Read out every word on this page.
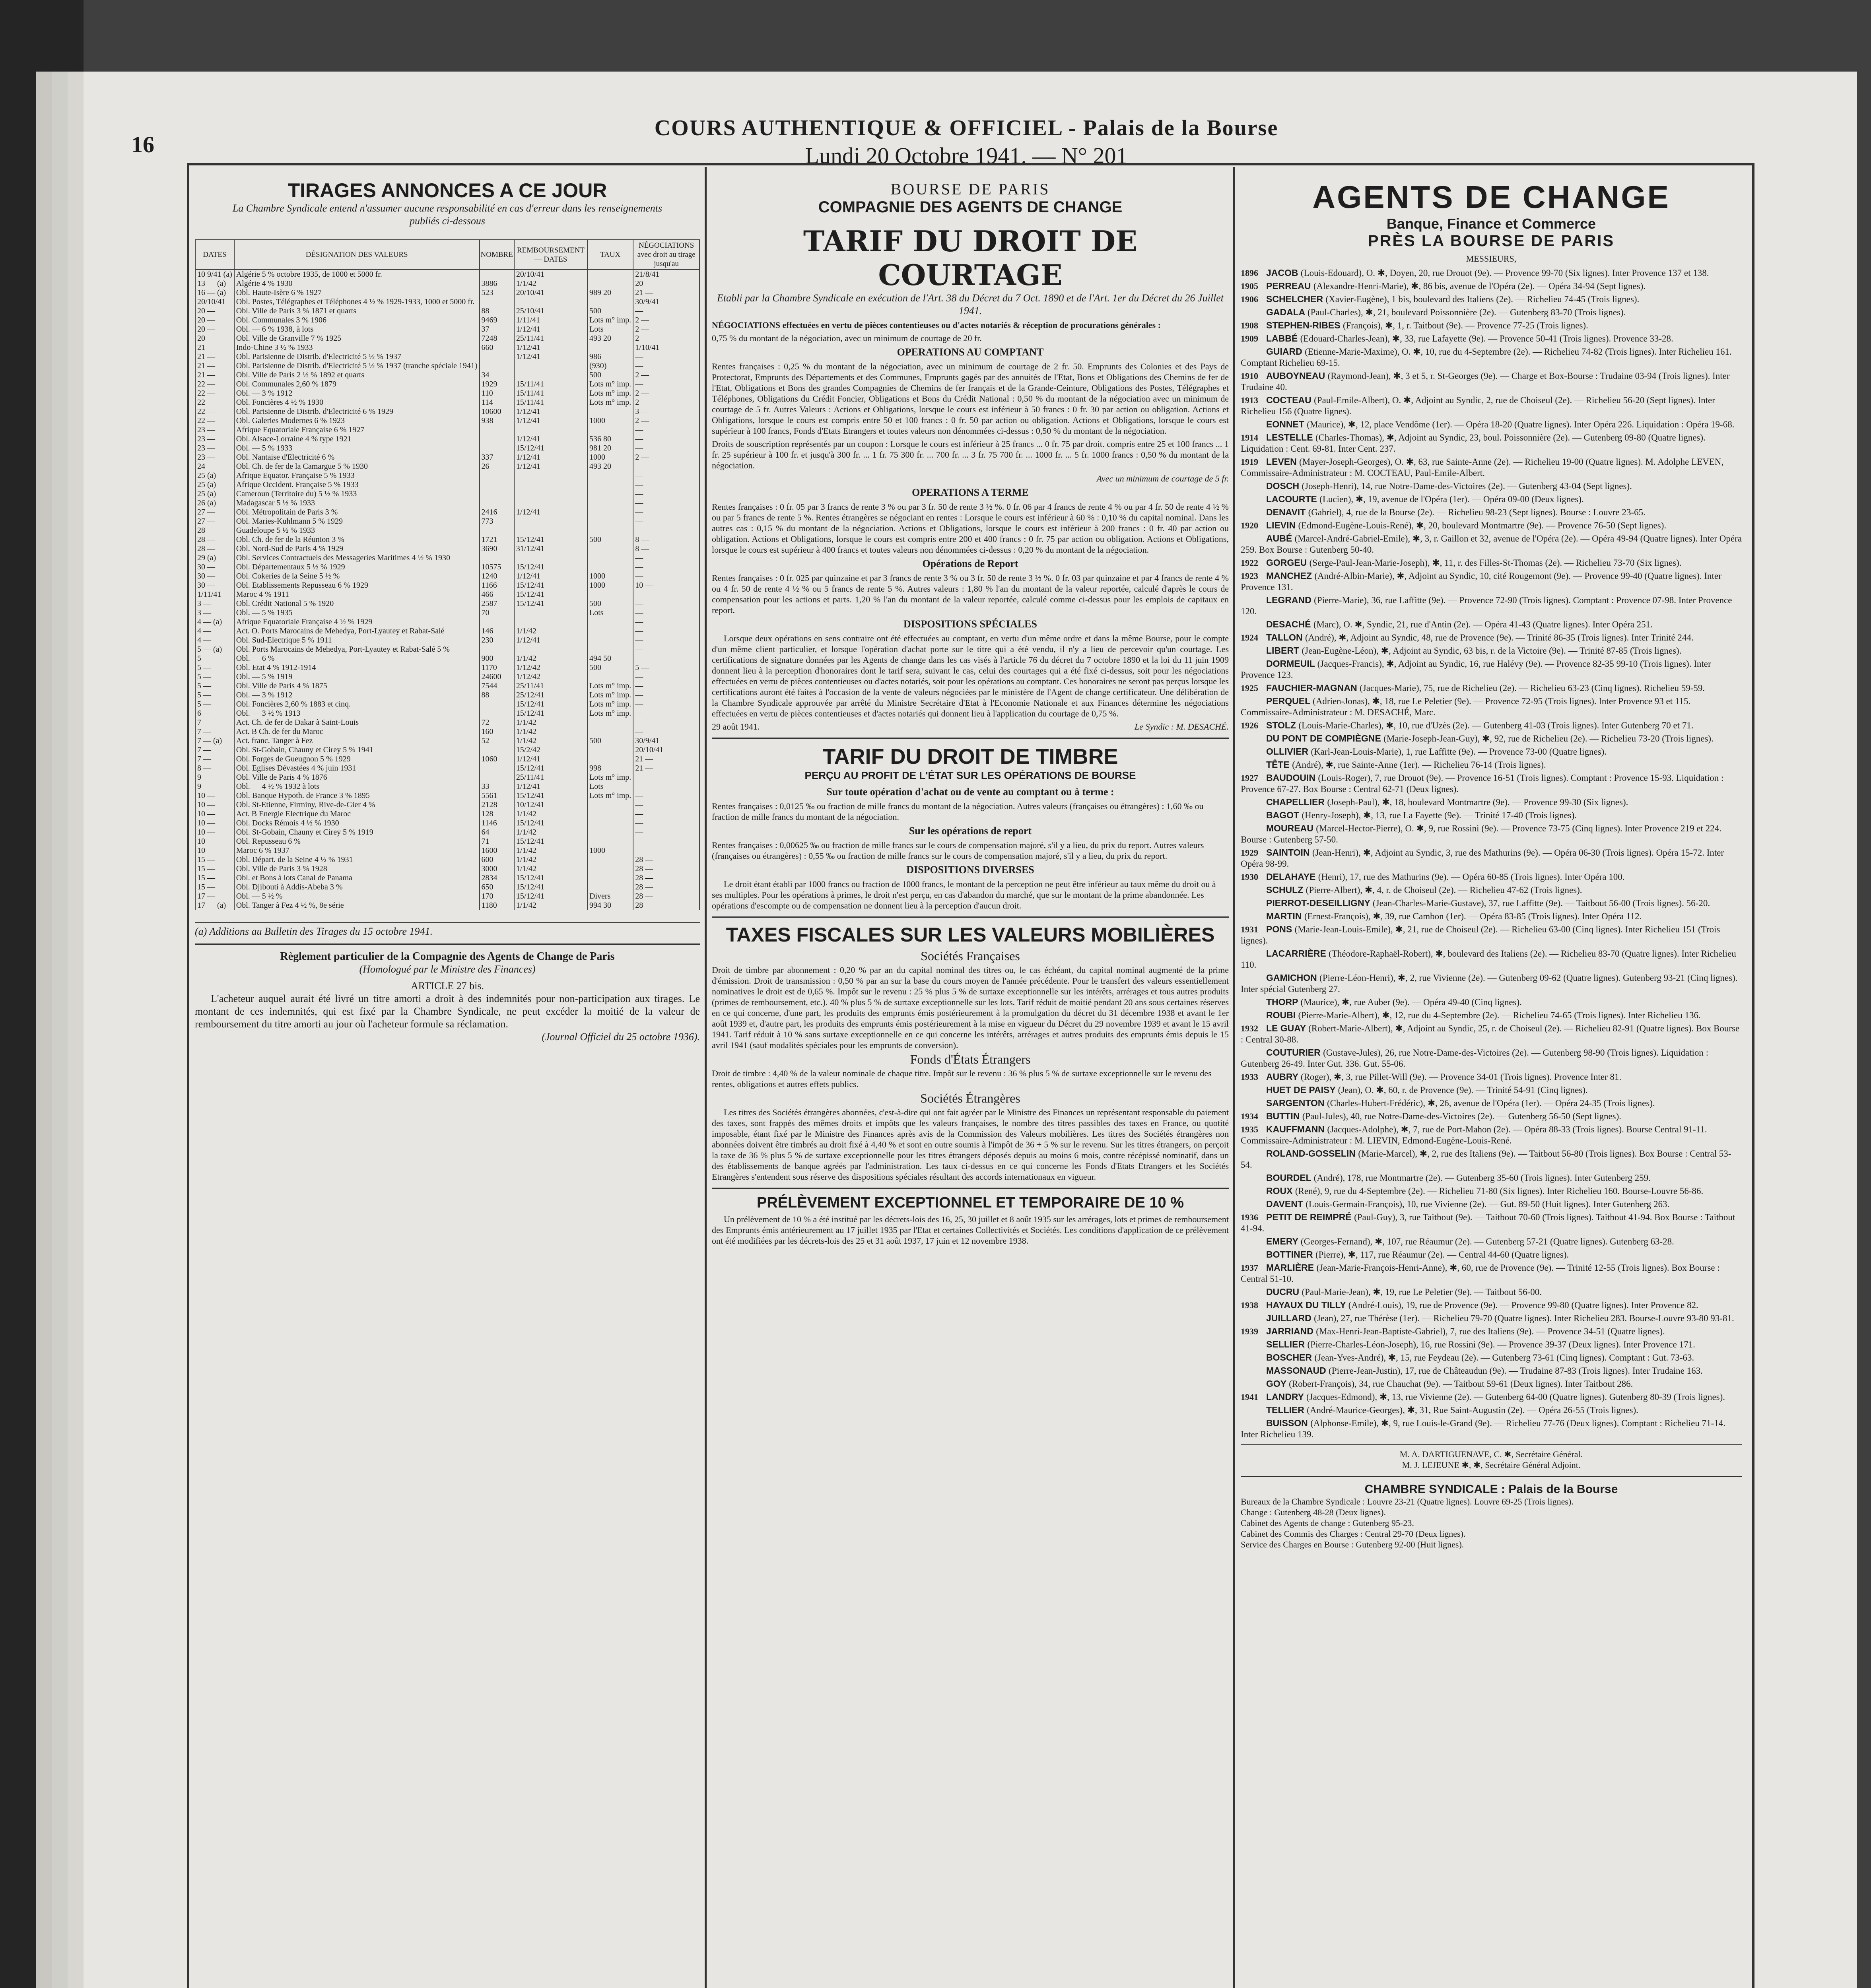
16
COURS AUTHENTIQUE & OFFICIEL - Palais de la Bourse
Lundi 20 Octobre 1941. — N° 201
TIRAGES ANNONCES A CE JOUR
La Chambre Syndicale entend n'assumer aucune responsabilité en cas d'erreur dans les renseignements publiés ci-dessous
DATES	DÉSIGNATION DES VALEURS	NOMBRE	REMBOURSEMENT — DATES	TAUX	NÉGOCIATIONS avec droit au tirage jusqu'au
10 9/41 (a)	Algérie 5 % octobre 1935, de 1000 et 5000 fr.		20/10/41		21/8/41
13 — (a)	Algérie 4 % 1930	3886	1/1/42		20 —
16 — (a)	Obl. Haute-Isère 6 % 1927	523	20/10/41	989 20	21 —
20/10/41	Obl. Postes, Télégraphes et Téléphones 4 ½ % 1929-1933, 1000 et 5000 fr.				30/9/41
20 —	Obl. Ville de Paris 3 % 1871 et quarts	88	25/10/41	500	—
20 —	Obl. Communales 3 % 1906	9469	1/11/41	Lots m° imp.	2 —
20 —	Obl. — 6 % 1938, à lots	37	1/12/41	Lots	2 —
20 —	Obl. Ville de Granville 7 % 1925	7248	25/11/41	493 20	2 —
21 —	Indo-Chine 3 ½ % 1933	660	1/12/41		1/10/41
21 —	Obl. Parisienne de Distrib. d'Electricité 5 ½ % 1937		1/12/41	986	—
21 —	Obl. Parisienne de Distrib. d'Electricité 5 ½ % 1937 (tranche spéciale 1941)			(930)	—
21 —	Obl. Ville de Paris 2 ½ % 1892 et quarts	34		500	2 —
22 —	Obl. Communales 2,60 % 1879	1929	15/11/41	Lots m° imp.	—
22 —	Obl. — 3 % 1912	110	15/11/41	Lots m° imp.	2 —
22 —	Obl. Foncières 4 ½ % 1930	114	15/11/41	Lots m° imp.	2 —
22 —	Obl. Parisienne de Distrib. d'Electricité 6 % 1929	10600	1/12/41		3 —
22 —	Obl. Galeries Modernes 6 % 1923	938	1/12/41	1000	2 —
23 —	Afrique Equatoriale Française 6 % 1927				—
23 —	Obl. Alsace-Lorraine 4 % type 1921		1/12/41	536 80	—
23 —	Obl. — 5 % 1933		15/12/41	981 20	—
23 —	Obl. Nantaise d'Electricité 6 %	337	1/12/41	1000	2 —
24 —	Obl. Ch. de fer de la Camargue 5 % 1930	26	1/12/41	493 20	—
25 (a)	Afrique Equator. Française 5 % 1933				—
25 (a)	Afrique Occident. Française 5 % 1933				—
25 (a)	Cameroun (Territoire du) 5 ½ % 1933				—
26 (a)	Madagascar 5 ½ % 1933				—
27 —	Obl. Métropolitain de Paris 3 %	2416	1/12/41		—
27 —	Obl. Maries-Kuhlmann 5 % 1929	773			—
28 —	Guadeloupe 5 ½ % 1933				—
28 —	Obl. Ch. de fer de la Réunion 3 %	1721	15/12/41	500	8 —
28 —	Obl. Nord-Sud de Paris 4 % 1929	3690	31/12/41		8 —
29 (a)	Obl. Services Contractuels des Messageries Maritimes 4 ½ % 1930				—
30 —	Obl. Départementaux 5 ½ % 1929	10575	15/12/41		—
30 —	Obl. Cokeries de la Seine 5 ½ %	1240	1/12/41	1000	—
30 —	Obl. Etablissements Repusseau 6 % 1929	1166	15/12/41	1000	10 —
1/11/41	Maroc 4 % 1911	466	15/12/41		—
3 —	Obl. Crédit National 5 % 1920	2587	15/12/41	500	—
3 —	Obl. — 5 % 1935	70		Lots	—
4 — (a)	Afrique Equatoriale Française 4 ½ % 1929				—
4 —	Act. O. Ports Marocains de Mehedya, Port-Lyautey et Rabat-Salé	146	1/1/42		—
4 —	Obl. Sud-Electrique 5 % 1911	230	1/12/41		—
5 — (a)	Obl. Ports Marocains de Mehedya, Port-Lyautey et Rabat-Salé 5 %				—
5 —	Obl. — 6 %	900	1/1/42	494 50	—
5 —	Obl. Etat 4 % 1912-1914	1170	1/12/42	500	5 —
5 —	Obl. — 5 % 1919	24600	1/12/42		—
5 —	Obl. Ville de Paris 4 % 1875	7544	25/11/41	Lots m° imp.	—
5 —	Obl. — 3 % 1912	88	25/12/41	Lots m° imp.	—
5 —	Obl. Foncières 2,60 % 1883 et cinq.		15/12/41	Lots m° imp.	—
6 —	Obl. — 3 ½ % 1913		15/12/41	Lots m° imp.	—
7 —	Act. Ch. de fer de Dakar à Saint-Louis	72	1/1/42		—
7 —	Act. B Ch. de fer du Maroc	160	1/1/42		—
7 — (a)	Act. franc. Tanger à Fez	52	1/1/42	500	30/9/41
7 —	Obl. St-Gobain, Chauny et Cirey 5 % 1941		15/2/42		20/10/41
7 —	Obl. Forges de Gueugnon 5 % 1929	1060	1/12/41		21 —
8 —	Obl. Eglises Dévastées 4 % juin 1931		15/12/41	998	21 —
9 —	Obl. Ville de Paris 4 % 1876		25/11/41	Lots m° imp.	—
9 —	Obl. — 4 ½ % 1932 à lots	33	1/12/41	Lots	—
10 —	Obl. Banque Hypoth. de France 3 % 1895	5561	15/12/41	Lots m° imp.	—
10 —	Obl. St-Etienne, Firminy, Rive-de-Gier 4 %	2128	10/12/41		—
10 —	Act. B Energie Electrique du Maroc	128	1/1/42		—
10 —	Obl. Docks Rémois 4 ½ % 1930	1146	15/12/41		—
10 —	Obl. St-Gobain, Chauny et Cirey 5 % 1919	64	1/1/42		—
10 —	Obl. Repusseau 6 %	71	15/12/41		—
10 —	Maroc 6 % 1937	1600	1/1/42	1000	—
15 —	Obl. Départ. de la Seine 4 ½ % 1931	600	1/1/42		28 —
15 —	Obl. Ville de Paris 3 % 1928	3000	1/1/42		28 —
15 —	Obl. et Bons à lots Canal de Panama	2834	15/12/41		28 —
15 —	Obl. Djibouti à Addis-Abeba 3 %	650	15/12/41		28 —
17 —	Obl. — 5 ½ %	170	15/12/41	Divers	28 —
17 — (a)	Obl. Tanger à Fez 4 ½ %, 8e série	1180	1/1/42	994 30	28 —
(a) Additions au Bulletin des Tirages du 15 octobre 1941.
Règlement particulier de la Compagnie des Agents de Change de Paris
(Homologué par le Ministre des Finances)
ARTICLE 27 bis.
L'acheteur auquel aurait été livré un titre amorti a droit à des indemnités pour non-participation aux tirages. Le montant de ces indemnités, qui est fixé par la Chambre Syndicale, ne peut excéder la moitié de la valeur de remboursement du titre amorti au jour où l'acheteur formule sa réclamation.
(Journal Officiel du 25 octobre 1936).
BOURSE DE PARIS
COMPAGNIE DES AGENTS DE CHANGE
TARIF DU DROIT DE COURTAGE
Etabli par la Chambre Syndicale en exécution de l'Art. 38 du Décret du 7 Oct. 1890 et de l'Art. 1er du Décret du 26 Juillet 1941.

NÉGOCIATIONS effectuées en vertu de pièces contentieuses ou d'actes notariés & réception de procurations générales :

0,75 % du montant de la négociation, avec un minimum de courtage de 20 fr.

OPERATIONS AU COMPTANT

Rentes françaises : 0,25 % du montant de la négociation, avec un minimum de courtage de 2 fr. 50. Emprunts des Colonies et des Pays de Protectorat, Emprunts des Départements et des Communes, Emprunts gagés par des annuités de l'Etat, Bons et Obligations des Chemins de fer de l'Etat, Obligations et Bons des grandes Compagnies de Chemins de fer français et de la Grande-Ceinture, Obligations des Postes, Télégraphes et Téléphones, Obligations du Crédit Foncier, Obligations et Bons du Crédit National : 0,50 % du montant de la négociation avec un minimum de courtage de 5 fr. Autres Valeurs : Actions et Obligations, lorsque le cours est inférieur à 50 francs : 0 fr. 30 par action ou obligation. Actions et Obligations, lorsque le cours est compris entre 50 et 100 francs : 0 fr. 50 par action ou obligation. Actions et Obligations, lorsque le cours est supérieur à 100 francs, Fonds d'Etats Etrangers et toutes valeurs non dénommées ci-dessus : 0,50 % du montant de la négociation.

Droits de souscription représentés par un coupon : Lorsque le cours est inférieur à 25 francs ... 0 fr. 75 par droit. compris entre 25 et 100 francs ... 1 fr. 25 supérieur à 100 fr. et jusqu'à 300 fr. ... 1 fr. 75 300 fr. ... 700 fr. ... 3 fr. 75 700 fr. ... 1000 fr. ... 5 fr. 1000 francs : 0,50 % du montant de la négociation.

Avec un minimum de courtage de 5 fr.

OPERATIONS A TERME

Rentes françaises : 0 fr. 05 par 3 francs de rente 3 % ou par 3 fr. 50 de rente 3 ½ %. 0 fr. 06 par 4 francs de rente 4 % ou par 4 fr. 50 de rente 4 ½ % ou par 5 francs de rente 5 %. Rentes étrangères se négociant en rentes : Lorsque le cours est inférieur à 60 % : 0,10 % du capital nominal. Dans les autres cas : 0,15 % du montant de la négociation. Actions et Obligations, lorsque le cours est inférieur à 200 francs : 0 fr. 40 par action ou obligation. Actions et Obligations, lorsque le cours est compris entre 200 et 400 francs : 0 fr. 75 par action ou obligation. Actions et Obligations, lorsque le cours est supérieur à 400 francs et toutes valeurs non dénommées ci-dessus : 0,20 % du montant de la négociation.

Opérations de Report

Rentes françaises : 0 fr. 025 par quinzaine et par 3 francs de rente 3 % ou 3 fr. 50 de rente 3 ½ %. 0 fr. 03 par quinzaine et par 4 francs de rente 4 % ou 4 fr. 50 de rente 4 ½ % ou 5 francs de rente 5 %. Autres valeurs : 1,80 % l'an du montant de la valeur reportée, calculé d'après le cours de compensation pour les actions et parts. 1,20 % l'an du montant de la valeur reportée, calculé comme ci-dessus pour les emplois de capitaux en report.

DISPOSITIONS SPÉCIALES

Lorsque deux opérations en sens contraire ont été effectuées au comptant, en vertu d'un même ordre et dans la même Bourse, pour le compte d'un même client particulier, et lorsque l'opération d'achat porte sur le titre qui a été vendu, il n'y a lieu de percevoir qu'un courtage. Les certifications de signature données par les Agents de change dans les cas visés à l'article 76 du décret du 7 octobre 1890 et la loi du 11 juin 1909 donnent lieu à la perception d'honoraires dont le tarif sera, suivant le cas, celui des courtages qui a été fixé ci-dessus, soit pour les négociations effectuées en vertu de pièces contentieuses ou d'actes notariés, soit pour les opérations au comptant. Ces honoraires ne seront pas perçus lorsque les certifications auront été faites à l'occasion de la vente de valeurs négociées par le ministère de l'Agent de change certificateur. Une délibération de la Chambre Syndicale approuvée par arrêté du Ministre Secrétaire d'Etat à l'Economie Nationale et aux Finances détermine les négociations effectuées en vertu de pièces contentieuses et d'actes notariés qui donnent lieu à l'application du courtage de 0,75 %.

29 août 1941.	Le Syndic : M. DESACHÉ.
TARIF DU DROIT DE TIMBRE
PERÇU AU PROFIT DE L'ÉTAT SUR LES OPÉRATIONS DE BOURSE
Sur toute opération d'achat ou de vente au comptant ou à terme :

Rentes françaises : 0,0125 ‰ ou fraction de mille francs du montant de la négociation. Autres valeurs (françaises ou étrangères) : 1,60 ‰ ou fraction de mille francs du montant de la négociation.

Sur les opérations de report

Rentes françaises : 0,00625 ‰ ou fraction de mille francs sur le cours de compensation majoré, s'il y a lieu, du prix du report. Autres valeurs (françaises ou étrangères) : 0,55 ‰ ou fraction de mille francs sur le cours de compensation majoré, s'il y a lieu, du prix du report.

DISPOSITIONS DIVERSES

Le droit étant établi par 1000 francs ou fraction de 1000 francs, le montant de la perception ne peut être inférieur au taux même du droit ou à ses multiples. Pour les opérations à primes, le droit n'est perçu, en cas d'abandon du marché, que sur le montant de la prime abandonnée. Les opérations d'escompte ou de compensation ne donnent lieu à la perception d'aucun droit.

TAXES FISCALES SUR LES VALEURS MOBILIÈRES
Sociétés Françaises

Droit de timbre par abonnement : 0,20 % par an du capital nominal des titres ou, le cas échéant, du capital nominal augmenté de la prime d'émission. Droit de transmission : 0,50 % par an sur la base du cours moyen de l'année précédente. Pour le transfert des valeurs essentiellement nominatives le droit est de 0,65 %. Impôt sur le revenu : 25 % plus 5 % de surtaxe exceptionnelle sur les intérêts, arrérages et tous autres produits (primes de remboursement, etc.). 40 % plus 5 % de surtaxe exceptionnelle sur les lots. Tarif réduit de moitié pendant 20 ans sous certaines réserves en ce qui concerne, d'une part, les produits des emprunts émis postérieurement à la promulgation du décret du 31 décembre 1938 et avant le 1er août 1939 et, d'autre part, les produits des emprunts émis postérieurement à la mise en vigueur du Décret du 29 novembre 1939 et avant le 15 avril 1941. Tarif réduit à 10 % sans surtaxe exceptionnelle en ce qui concerne les intérêts, arrérages et autres produits des emprunts émis depuis le 15 avril 1941 (sauf modalités spéciales pour les emprunts de conversion).

Fonds d'États Étrangers

Droit de timbre : 4,40 % de la valeur nominale de chaque titre. Impôt sur le revenu : 36 % plus 5 % de surtaxe exceptionnelle sur le revenu des rentes, obligations et autres effets publics.

Sociétés Étrangères

Les titres des Sociétés étrangères abonnées, c'est-à-dire qui ont fait agréer par le Ministre des Finances un représentant responsable du paiement des taxes, sont frappés des mêmes droits et impôts que les valeurs françaises, le nombre des titres passibles des taxes en France, ou quotité imposable, étant fixé par le Ministre des Finances après avis de la Commission des Valeurs mobilières. Les titres des Sociétés étrangères non abonnées doivent être timbrés au droit fixé à 4,40 % et sont en outre soumis à l'impôt de 36 + 5 % sur le revenu. Sur les titres étrangers, on perçoit la taxe de 36 % plus 5 % de surtaxe exceptionnelle pour les titres étrangers déposés depuis au moins 6 mois, contre récépissé nominatif, dans un des établissements de banque agréés par l'administration. Les taux ci-dessus en ce qui concerne les Fonds d'Etats Etrangers et les Sociétés Etrangères s'entendent sous réserve des dispositions spéciales résultant des accords internationaux en vigueur.

PRÉLÈVEMENT EXCEPTIONNEL ET TEMPORAIRE DE 10 %

Un prélèvement de 10 % a été institué par les décrets-lois des 16, 25, 30 juillet et 8 août 1935 sur les arrérages, lots et primes de remboursement des Emprunts émis antérieurement au 17 juillet 1935 par l'Etat et certaines Collectivités et Sociétés. Les conditions d'application de ce prélèvement ont été modifiées par les décrets-lois des 25 et 31 août 1937, 17 juin et 12 novembre 1938.

AGENTS DE CHANGE
Banque, Finance et Commerce
PRÈS LA BOURSE DE PARIS
MESSIEURS,
1896 JACOB (Louis-Edouard), O. ✱, Doyen, 20, rue Drouot (9e). — Provence 99-70 (Six lignes). Inter Provence 137 et 138.
1905 PERREAU (Alexandre-Henri-Marie), ✱, 86 bis, avenue de l'Opéra (2e). — Opéra 34-94 (Sept lignes).
1906 SCHELCHER (Xavier-Eugène), 1 bis, boulevard des Italiens (2e). — Richelieu 74-45 (Trois lignes).
GADALA (Paul-Charles), ✱, 21, boulevard Poissonnière (2e). — Gutenberg 83-70 (Trois lignes).
1908 STEPHEN-RIBES (François), ✱, 1, r. Taitbout (9e). — Provence 77-25 (Trois lignes).
1909 LABBÉ (Edouard-Charles-Jean), ✱, 33, rue Lafayette (9e). — Provence 50-41 (Trois lignes). Provence 33-28.
GUIARD (Etienne-Marie-Maxime), O. ✱, 10, rue du 4-Septembre (2e). — Richelieu 74-82 (Trois lignes). Inter Richelieu 161. Comptant Richelieu 69-15.
1910 AUBOYNEAU (Raymond-Jean), ✱, 3 et 5, r. St-Georges (9e). — Charge et Box-Bourse : Trudaine 03-94 (Trois lignes). Inter Trudaine 40.
1913 COCTEAU (Paul-Emile-Albert), O. ✱, Adjoint au Syndic, 2, rue de Choiseul (2e). — Richelieu 56-20 (Sept lignes). Inter Richelieu 156 (Quatre lignes).
EONNET (Maurice), ✱, 12, place Vendôme (1er). — Opéra 18-20 (Quatre lignes). Inter Opéra 226. Liquidation : Opéra 19-68.
1914 LESTELLE (Charles-Thomas), ✱, Adjoint au Syndic, 23, boul. Poissonnière (2e). — Gutenberg 09-80 (Quatre lignes). Liquidation : Cent. 69-81. Inter Cent. 237.
1919 LEVEN (Mayer-Joseph-Georges), O. ✱, 63, rue Sainte-Anne (2e). — Richelieu 19-00 (Quatre lignes). M. Adolphe LEVEN, Commissaire-Administrateur : M. COCTEAU, Paul-Emile-Albert.
DOSCH (Joseph-Henri), 14, rue Notre-Dame-des-Victoires (2e). — Gutenberg 43-04 (Sept lignes).
LACOURTE (Lucien), ✱, 19, avenue de l'Opéra (1er). — Opéra 09-00 (Deux lignes).
DENAVIT (Gabriel), 4, rue de la Bourse (2e). — Richelieu 98-23 (Sept lignes). Bourse : Louvre 23-65.
1920 LIEVIN (Edmond-Eugène-Louis-René), ✱, 20, boulevard Montmartre (9e). — Provence 76-50 (Sept lignes).
AUBÉ (Marcel-André-Gabriel-Emile), ✱, 3, r. Gaillon et 32, avenue de l'Opéra (2e). — Opéra 49-94 (Quatre lignes). Inter Opéra 259. Box Bourse : Gutenberg 50-40.
1922 GORGEU (Serge-Paul-Jean-Marie-Joseph), ✱, 11, r. des Filles-St-Thomas (2e). — Richelieu 73-70 (Six lignes).
1923 MANCHEZ (André-Albin-Marie), ✱, Adjoint au Syndic, 10, cité Rougemont (9e). — Provence 99-40 (Quatre lignes). Inter Provence 131.
LEGRAND (Pierre-Marie), 36, rue Laffitte (9e). — Provence 72-90 (Trois lignes). Comptant : Provence 07-98. Inter Provence 120.
DESACHÉ (Marc), O. ✱, Syndic, 21, rue d'Antin (2e). — Opéra 41-43 (Quatre lignes). Inter Opéra 251.
1924 TALLON (André), ✱, Adjoint au Syndic, 48, rue de Provence (9e). — Trinité 86-35 (Trois lignes). Inter Trinité 244.
LIBERT (Jean-Eugène-Léon), ✱, Adjoint au Syndic, 63 bis, r. de la Victoire (9e). — Trinité 87-85 (Trois lignes).
DORMEUIL (Jacques-Francis), ✱, Adjoint au Syndic, 16, rue Halévy (9e). — Provence 82-35 99-10 (Trois lignes). Inter Provence 123.
1925 FAUCHIER-MAGNAN (Jacques-Marie), 75, rue de Richelieu (2e). — Richelieu 63-23 (Cinq lignes). Richelieu 59-59.
PERQUEL (Adrien-Jonas), ✱, 18, rue Le Peletier (9e). — Provence 72-95 (Trois lignes). Inter Provence 93 et 115. Commissaire-Administrateur : M. DESACHÉ, Marc.
1926 STOLZ (Louis-Marie-Charles), ✱, 10, rue d'Uzès (2e). — Gutenberg 41-03 (Trois lignes). Inter Gutenberg 70 et 71.
DU PONT DE COMPIÈGNE (Marie-Joseph-Jean-Guy), ✱, 92, rue de Richelieu (2e). — Richelieu 73-20 (Trois lignes).
OLLIVIER (Karl-Jean-Louis-Marie), 1, rue Laffitte (9e). — Provence 73-00 (Quatre lignes).
TÊTE (André), ✱, rue Sainte-Anne (1er). — Richelieu 76-14 (Trois lignes).
1927 BAUDOUIN (Louis-Roger), 7, rue Drouot (9e). — Provence 16-51 (Trois lignes). Comptant : Provence 15-93. Liquidation : Provence 67-27. Box Bourse : Central 62-71 (Deux lignes).
CHAPELLIER (Joseph-Paul), ✱, 18, boulevard Montmartre (9e). — Provence 99-30 (Six lignes).
BAGOT (Henry-Joseph), ✱, 13, rue La Fayette (9e). — Trinité 17-40 (Trois lignes).
MOUREAU (Marcel-Hector-Pierre), O. ✱, 9, rue Rossini (9e). — Provence 73-75 (Cinq lignes). Inter Provence 219 et 224. Bourse : Gutenberg 57-50.
1929 SAINTOIN (Jean-Henri), ✱, Adjoint au Syndic, 3, rue des Mathurins (9e). — Opéra 06-30 (Trois lignes). Opéra 15-72. Inter Opéra 98-99.
1930 DELAHAYE (Henri), 17, rue des Mathurins (9e). — Opéra 60-85 (Trois lignes). Inter Opéra 100.
SCHULZ (Pierre-Albert), ✱, 4, r. de Choiseul (2e). — Richelieu 47-62 (Trois lignes).
PIERROT-DESEILLIGNY (Jean-Charles-Marie-Gustave), 37, rue Laffitte (9e). — Taitbout 56-00 (Trois lignes). 56-20.
MARTIN (Ernest-François), ✱, 39, rue Cambon (1er). — Opéra 83-85 (Trois lignes). Inter Opéra 112.
1931 PONS (Marie-Jean-Louis-Emile), ✱, 21, rue de Choiseul (2e). — Richelieu 63-00 (Cinq lignes). Inter Richelieu 151 (Trois lignes).
LACARRIÈRE (Théodore-Raphaël-Robert), ✱, boulevard des Italiens (2e). — Richelieu 83-70 (Quatre lignes). Inter Richelieu 110.
GAMICHON (Pierre-Léon-Henri), ✱, 2, rue Vivienne (2e). — Gutenberg 09-62 (Quatre lignes). Gutenberg 93-21 (Cinq lignes). Inter spécial Gutenberg 27.
THORP (Maurice), ✱, rue Auber (9e). — Opéra 49-40 (Cinq lignes).
ROUBI (Pierre-Marie-Albert), ✱, 12, rue du 4-Septembre (2e). — Richelieu 74-65 (Trois lignes). Inter Richelieu 136.
1932 LE GUAY (Robert-Marie-Albert), ✱, Adjoint au Syndic, 25, r. de Choiseul (2e). — Richelieu 82-91 (Quatre lignes). Box Bourse : Central 30-88.
COUTURIER (Gustave-Jules), 26, rue Notre-Dame-des-Victoires (2e). — Gutenberg 98-90 (Trois lignes). Liquidation : Gutenberg 26-49. Inter Gut. 336. Gut. 55-06.
1933 AUBRY (Roger), ✱, 3, rue Pillet-Will (9e). — Provence 34-01 (Trois lignes). Provence Inter 81.
HUET DE PAISY (Jean), O. ✱, 60, r. de Provence (9e). — Trinité 54-91 (Cinq lignes).
SARGENTON (Charles-Hubert-Frédéric), ✱, 26, avenue de l'Opéra (1er). — Opéra 24-35 (Trois lignes).
1934 BUTTIN (Paul-Jules), 40, rue Notre-Dame-des-Victoires (2e). — Gutenberg 56-50 (Sept lignes).
1935 KAUFFMANN (Jacques-Adolphe), ✱, 7, rue de Port-Mahon (2e). — Opéra 88-33 (Trois lignes). Bourse Central 91-11. Commissaire-Administrateur : M. LIEVIN, Edmond-Eugène-Louis-René.
ROLAND-GOSSELIN (Marie-Marcel), ✱, 2, rue des Italiens (9e). — Taitbout 56-80 (Trois lignes). Box Bourse : Central 53-54.
BOURDEL (André), 178, rue Montmartre (2e). — Gutenberg 35-60 (Trois lignes). Inter Gutenberg 259.
ROUX (René), 9, rue du 4-Septembre (2e). — Richelieu 71-80 (Six lignes). Inter Richelieu 160. Bourse-Louvre 56-86.
DAVENT (Louis-Germain-François), 10, rue Vivienne (2e). — Gut. 89-50 (Huit lignes). Inter Gutenberg 263.
1936 PETIT DE REIMPRÉ (Paul-Guy), 3, rue Taitbout (9e). — Taitbout 70-60 (Trois lignes). Taitbout 41-94. Box Bourse : Taitbout 41-94.
EMERY (Georges-Fernand), ✱, 107, rue Réaumur (2e). — Gutenberg 57-21 (Quatre lignes). Gutenberg 63-28.
BOTTINER (Pierre), ✱, 117, rue Réaumur (2e). — Central 44-60 (Quatre lignes).
1937 MARLIÈRE (Jean-Marie-François-Henri-Anne), ✱, 60, rue de Provence (9e). — Trinité 12-55 (Trois lignes). Box Bourse : Central 51-10.
DUCRU (Paul-Marie-Jean), ✱, 19, rue Le Peletier (9e). — Taitbout 56-00.
1938 HAYAUX DU TILLY (André-Louis), 19, rue de Provence (9e). — Provence 99-80 (Quatre lignes). Inter Provence 82.
JUILLARD (Jean), 27, rue Thérèse (1er). — Richelieu 79-70 (Quatre lignes). Inter Richelieu 283. Bourse-Louvre 93-80 93-81.
1939 JARRIAND (Max-Henri-Jean-Baptiste-Gabriel), 7, rue des Italiens (9e). — Provence 34-51 (Quatre lignes).
SELLIER (Pierre-Charles-Léon-Joseph), 16, rue Rossini (9e). — Provence 39-37 (Deux lignes). Inter Provence 171.
BOSCHER (Jean-Yves-André), ✱, 15, rue Feydeau (2e). — Gutenberg 73-61 (Cinq lignes). Comptant : Gut. 73-63.
MASSONAUD (Pierre-Jean-Justin), 17, rue de Châteaudun (9e). — Trudaine 87-83 (Trois lignes). Inter Trudaine 163.
GOY (Robert-François), 34, rue Chauchat (9e). — Taitbout 59-61 (Deux lignes). Inter Taitbout 286.
1941 LANDRY (Jacques-Edmond), ✱, 13, rue Vivienne (2e). — Gutenberg 64-00 (Quatre lignes). Gutenberg 80-39 (Trois lignes).
TELLIER (André-Maurice-Georges), ✱, 31, Rue Saint-Augustin (2e). — Opéra 26-55 (Trois lignes).
BUISSON (Alphonse-Emile), ✱, 9, rue Louis-le-Grand (9e). — Richelieu 77-76 (Deux lignes). Comptant : Richelieu 71-14. Inter Richelieu 139.
M. A. DARTIGUENAVE, C. ✱, Secrétaire Général.
M. J. LEJEUNE ✱, ✱, Secrétaire Général Adjoint.
CHAMBRE SYNDICALE : Palais de la Bourse
Bureaux de la Chambre Syndicale : Louvre 23-21 (Quatre lignes). Louvre 69-25 (Trois lignes).
Change : Gutenberg 48-28 (Deux lignes).
Cabinet des Agents de change : Gutenberg 95-23.
Cabinet des Commis des Charges : Central 29-70 (Deux lignes).
Service des Charges en Bourse : Gutenberg 92-00 (Huit lignes).
